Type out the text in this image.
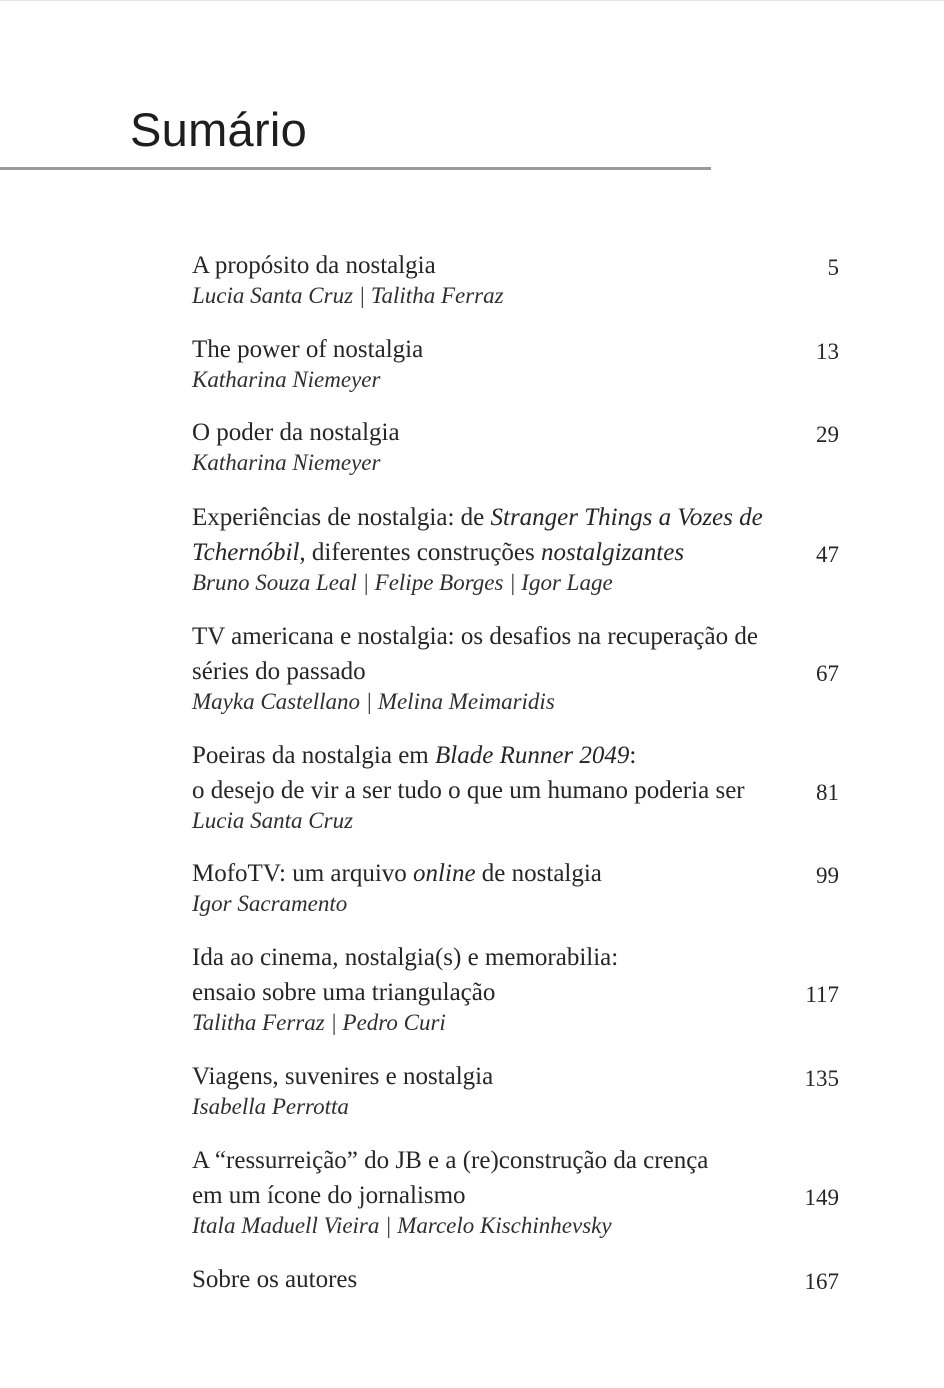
Sumário
A propósito da nostalgia
Lucia Santa Cruz | Talitha Ferraz
5
The power of nostalgia
Katharina Niemeyer
13
O poder da nostalgia
Katharina Niemeyer
29
Experiências de nostalgia: de Stranger Things a Vozes de
Tchernóbil, diferentes construções nostalgizantes
Bruno Souza Leal | Felipe Borges | Igor Lage
47
TV americana e nostalgia: os desafios na recuperação de
séries do passado
Mayka Castellano | Melina Meimaridis
67
Poeiras da nostalgia em Blade Runner 2049:
o desejo de vir a ser tudo o que um humano poderia ser
Lucia Santa Cruz
81
MofoTV: um arquivo online de nostalgia
Igor Sacramento
99
Ida ao cinema, nostalgia(s) e memorabilia:
ensaio sobre uma triangulação
Talitha Ferraz | Pedro Curi
117
Viagens, suvenires e nostalgia
Isabella Perrotta
135
A “ressurreição” do JB e a (re)construção da crença
em um ícone do jornalismo
Itala Maduell Vieira | Marcelo Kischinhevsky
149
Sobre os autores	167
